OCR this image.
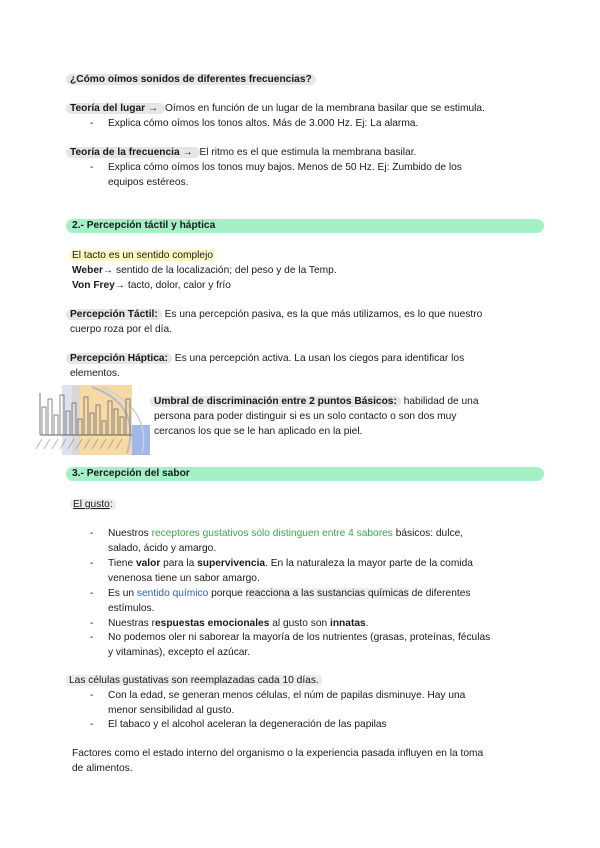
¿Cómo oímos sonidos de diferentes frecuencias?
Teoría del lugar → Oímos en función de un lugar de la membrana basilar que se estimula.
- Explica cómo oímos los tonos altos. Más de 3.000 Hz. Ej: La alarma.
Teoría de la frecuencia → El ritmo es el que estimula la membrana basilar.
- Explica cómo oímos los tonos muy bajos. Menos de 50 Hz. Ej: Zumbido de los
equipos estéreos.
2.- Percepción táctil y háptica
El tacto es un sentido complejo
Weber→ sentido de la localización; del peso y de la Temp.
Von Frey→ tacto, dolor, calor y frío
Percepción Táctil: Es una percepción pasiva, es la que más utilizamos, es lo que nuestro
cuerpo roza por el día.
Percepción Háptica: Es una percepción activa. La usan los ciegos para identificar los
elementos.
Umbral de discriminación entre 2 puntos Básicos: habilidad de una
persona para poder distinguir si es un solo contacto o son dos muy
cercanos los que se le han aplicado en la piel.
3.- Percepción del sabor
El gusto:
- Nuestros receptores gustativos sólo distinguen entre 4 sabores básicos: dulce,
salado, ácido y amargo.
- Tiene valor para la supervivencia. En la naturaleza la mayor parte de la comida
venenosa tiene un sabor amargo.
- Es un sentido químico porque reacciona a las sustancias químicas de diferentes
estímulos.
- Nuestras respuestas emocionales al gusto son innatas.
- No podemos oler ni saborear la mayoría de los nutrientes (grasas, proteínas, féculas
y vitaminas), excepto el azúcar.
Las células gustativas son reemplazadas cada 10 días.
- Con la edad, se generan menos células, el núm de papilas disminuye. Hay una
menor sensibilidad al gusto.
- El tabaco y el alcohol aceleran la degeneración de las papilas
Factores como el estado interno del organismo o la experiencia pasada influyen en la toma
de alimentos.
